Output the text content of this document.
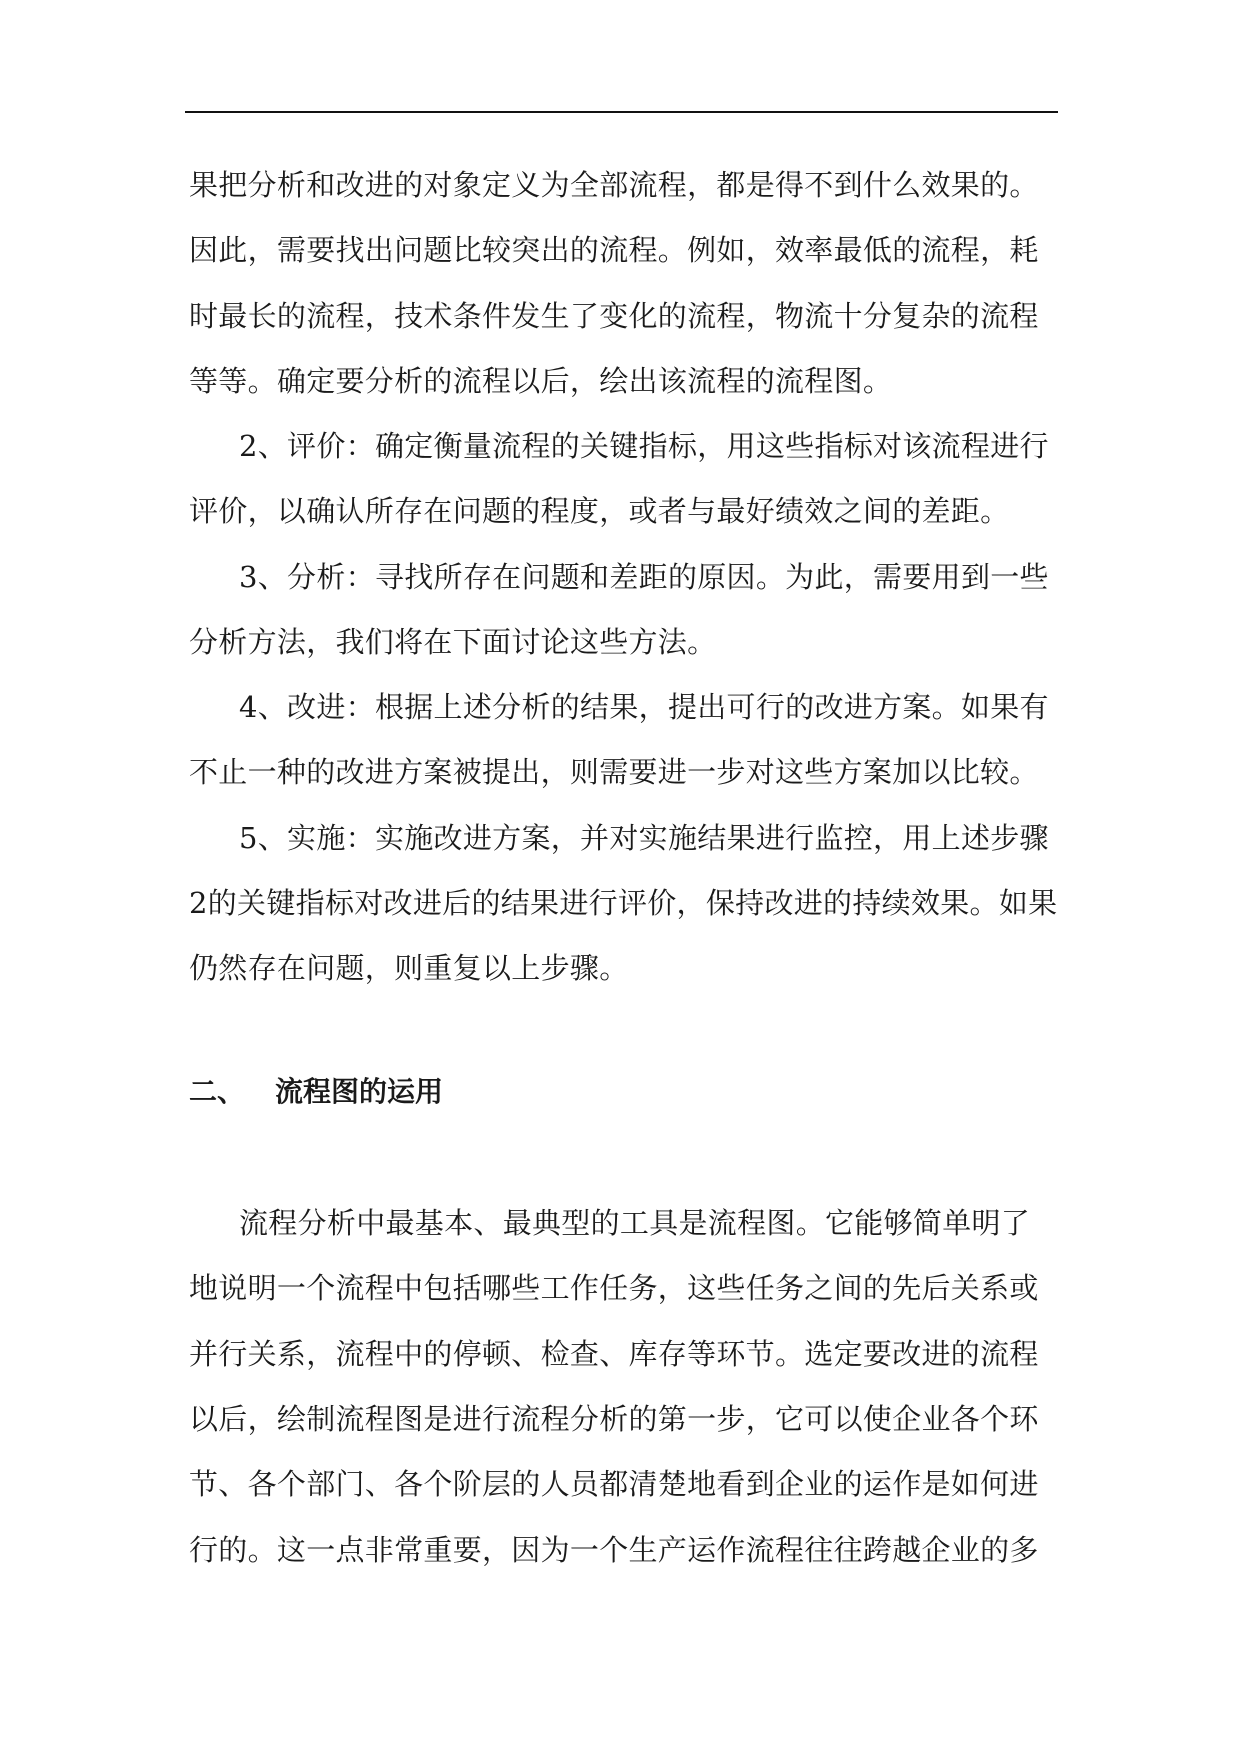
果把分析和改进的对象定义为全部流程，都是得不到什么效果的。
因此，需要找出问题比较突出的流程。例如，效率最低的流程，耗
时最长的流程，技术条件发生了变化的流程，物流十分复杂的流程
等等。确定要分析的流程以后，绘出该流程的流程图。
2、评价：确定衡量流程的关键指标，用这些指标对该流程进行
评价，以确认所存在问题的程度，或者与最好绩效之间的差距。
3、分析：寻找所存在问题和差距的原因。为此，需要用到一些
分析方法，我们将在下面讨论这些方法。
4、改进：根据上述分析的结果，提出可行的改进方案。如果有
不止一种的改进方案被提出，则需要进一步对这些方案加以比较。
5、实施：实施改进方案，并对实施结果进行监控，用上述步骤
2的关键指标对改进后的结果进行评价，保持改进的持续效果。如果
仍然存在问题，则重复以上步骤。
二、 流程图的运用
流程分析中最基本、最典型的工具是流程图。它能够简单明了
地说明一个流程中包括哪些工作任务，这些任务之间的先后关系或
并行关系，流程中的停顿、检查、库存等环节。选定要改进的流程
以后，绘制流程图是进行流程分析的第一步，它可以使企业各个环
节、各个部门、各个阶层的人员都清楚地看到企业的运作是如何进
行的。这一点非常重要，因为一个生产运作流程往往跨越企业的多
